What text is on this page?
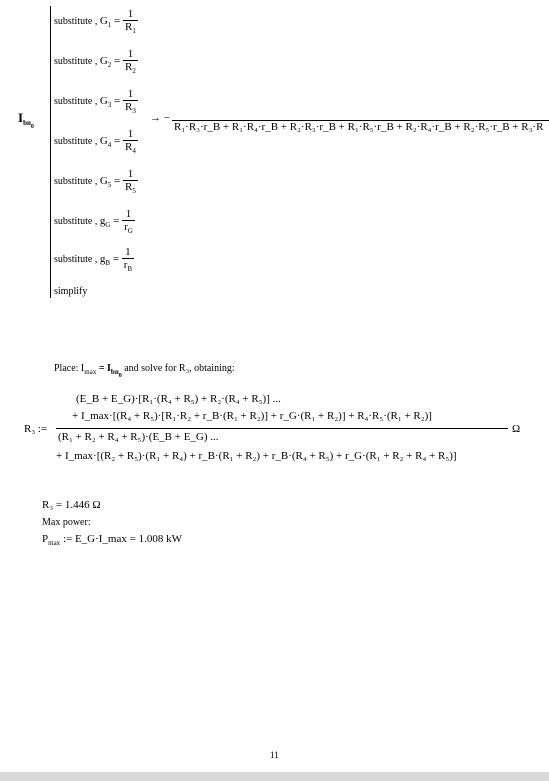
$I_{bn_0}$
substitute , $G_1 = \frac{1}{R_1}$
substitute , $G_2 = \frac{1}{R_2}$
substitute , $G_3 = \frac{1}{R_3}$
substitute , $G_4 = \frac{1}{R_4}$
substitute , $G_5 = \frac{1}{R_5}$
substitute , $g_G = \frac{1}{r_G}$
substitute , $g_B = \frac{1}{r_B}$
simplify
→ −
R₁·R₃·r_B + R₁·R₄·r_B + R₂·R₃·r_B + R₁·R₅·r_B + R₂·R₄·r_B + R₂·R₅·r_B + R₃·R
Place: $I_{max} = I_{bn_0}$ and solve for R₃, obtaining:
R₃ :=
(E_B + E_G)·[R₁·(R₄ + R₅) + R₂·(R₄ + R₅)] ...
+ I_max·[(R₄ + R₅)·[R₁·R₂ + r_B·(R₁ + R₂)] + r_G·(R₁ + R₂)] + R₄·R₅·(R₁ + R₂)]
(R₁ + R₂ + R₄ + R₅)·(E_B + E_G) ...
+ I_max·[(R₂ + R₅)·(R₁ + R₄) + r_B·(R₁ + R₂) + r_B·(R₄ + R₅) + r_G·(R₁ + R₂ + R₄ + R₅)]
Ω
R₃ = 1.446 Ω
Max power:
$P_{max}$ := E_G·I_max = 1.008 kW
11
